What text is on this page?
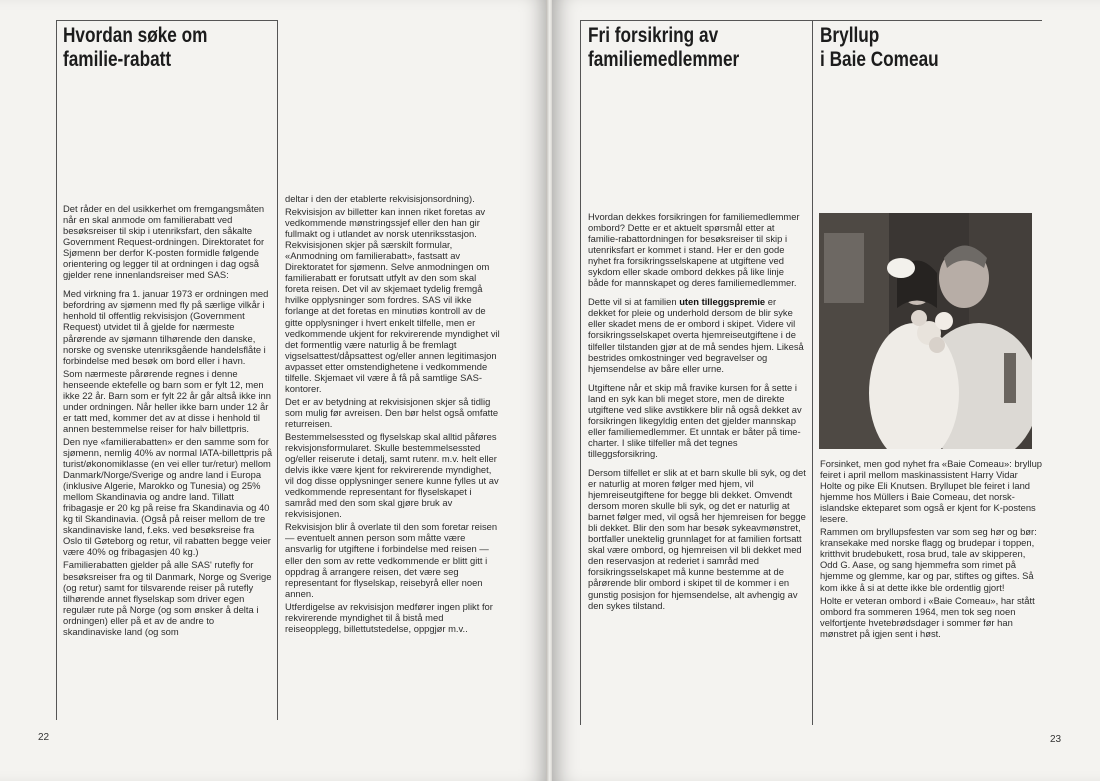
Hvordan søke om
familie-rabatt

Det råder en del usikkerhet om fremgangsmåten når en skal anmode om familierabatt ved besøksreiser til skip i utenriksfart, den såkalte Government Request-ordningen. Direktoratet for Sjømenn ber derfor K-posten formidle følgende orientering og legger til at ordningen i dag også gjelder rene innenlandsreiser med SAS:

Med virkning fra 1. januar 1973 er ordningen med befordring av sjømenn med fly på særlige vilkår i henhold til offentlig rekvisisjon (Government Request) utvidet til å gjelde for nærmeste pårørende av sjømann tilhørende den danske, norske og svenske utenriksgående handelsflåte i forbindelse med besøk om bord eller i havn.

Som nærmeste pårørende regnes i denne henseende ektefelle og barn som er fylt 12, men ikke 22 år. Barn som er fylt 22 år går altså ikke inn under ordningen. Når heller ikke barn under 12 år er tatt med, kommer det av at disse i henhold til annen bestemmelse reiser for halv billettpris.

Den nye «familierabatten» er den samme som for sjømenn, nemlig 40% av normal IATA-billettpris på turist/økonomiklasse (en vei eller tur/retur) mellom Danmark/Norge/Sverige og andre land i Europa (inklusive Algerie, Marokko og Tunesia) og 25% mellom Skandinavia og andre land. Tillatt fribagasje er 20 kg på reise fra Skandinavia og 40 kg til Skandinavia. (Også på reiser mellom de tre skandinaviske land, f.eks. ved besøksreise fra Oslo til Gøteborg og retur, vil rabatten begge veier være 40% og fribagasjen 40 kg.)

Familierabatten gjelder på alle SAS' rutefly for besøksreiser fra og til Danmark, Norge og Sverige (og retur) samt for tilsvarende reiser på rutefly tilhørende annet flyselskap som driver egen regulær rute på Norge (og som ønsker å delta i ordningen) eller på et av de andre to skandinaviske land (og som

deltar i den der etablerte rekvisisjonsordning).

Rekvisisjon av billetter kan innen riket foretas av vedkommende mønstringssjef eller den han gir fullmakt og i utlandet av norsk utenriksstasjon. Rekvisisjonen skjer på særskilt formular, «Anmodning om familierabatt», fastsatt av Direktoratet for sjømenn. Selve anmodningen om familierabatt er forutsatt utfylt av den som skal foreta reisen. Det vil av skjemaet tydelig fremgå hvilke opplysninger som fordres. SAS vil ikke forlange at det foretas en minutiøs kontroll av de gitte opplysninger i hvert enkelt tilfelle, men er vedkommende ukjent for rekvirerende myndighet vil det formentlig være naturlig å be fremlagt vigselsattest/dåpsattest og/eller annen legitimasjon avpasset etter omstendighetene i vedkommende tilfelle. Skjemaet vil være å få på samtlige SAS-kontorer.

Det er av betydning at rekvisisjonen skjer så tidlig som mulig før avreisen. Den bør helst også omfatte returreisen.

Bestemmelsessted og flyselskap skal alltid påføres rekvisjonsformularet. Skulle bestemmelsessted og/eller reiserute i detalj, samt rutenr. m.v. helt eller delvis ikke være kjent for rekvirerende myndighet, vil dog disse opplysninger senere kunne fylles ut av vedkommende representant for flyselskapet i samråd med den som skal gjøre bruk av rekvisisjonen.

Rekvisisjon blir å overlate til den som foretar reisen — eventuelt annen person som måtte være ansvarlig for utgiftene i forbindelse med reisen — eller den som av rette vedkommende er blitt gitt i oppdrag å arrangere reisen, det være seg representant for flyselskap, reisebyrå eller noen annen.

Utferdigelse av rekvisisjon medfører ingen plikt for rekvirerende myndighet til å bistå med reiseopplegg, billettutstedelse, oppgjør m.v..

22
Fri forsikring av
familiemedlemmer
Bryllup
i Baie Comeau

Hvordan dekkes forsikringen for familiemedlemmer ombord? Dette er et aktuelt spørsmål etter at familie-rabattordningen for besøksreiser til skip i utenriksfart er kommet i stand. Her er den gode nyhet fra forsikringsselskapene at utgiftene ved sykdom eller skade ombord dekkes på like linje både for mannskapet og deres familiemedlemmer.

Dette vil si at familien uten tilleggspremie er dekket for pleie og underhold dersom de blir syke eller skadet mens de er ombord i skipet. Videre vil forsikringsselskapet overta hjemreiseutgiftene i de tilfeller tilstanden gjør at de må sendes hjem. Likeså bestrides omkostninger ved begravelser og hjemsendelse av båre eller urne.

Utgiftene når et skip må fravike kursen for å sette i land en syk kan bli meget store, men de direkte utgiftene ved slike avstikkere blir nå også dekket av forsikringen likegyldig enten det gjelder mannskap eller familiemedlemmer. Et unntak er båter på time-charter. I slike tilfeller må det tegnes tilleggsforsikring.

Dersom tilfellet er slik at et barn skulle bli syk, og det er naturlig at moren følger med hjem, vil hjemreiseutgiftene for begge bli dekket. Omvendt dersom moren skulle bli syk, og det er naturlig at barnet følger med, vil også her hjemreisen for begge bli dekket. Blir den som har besøk sykeavmønstret, bortfaller unektelig grunnlaget for at familien fortsatt skal være ombord, og hjemreisen vil bli dekket med den reservasjon at rederiet i samråd med forsikringsselskapet må kunne bestemme at de pårørende blir ombord i skipet til de kommer i en gunstig posisjon for hjemsendelse, alt avhengig av den sykes tilstand.

Forsinket, men god nyhet fra «Baie Comeau»: bryllup feiret i april mellom maskinassistent Harry Vidar Holte og pike Eli Knutsen. Bryllupet ble feiret i land hjemme hos Müllers i Baie Comeau, det norsk-islandske ekteparet som også er kjent for K-postens lesere.

Rammen om bryllupsfesten var som seg hør og bør: kransekake med norske flagg og brudepar i toppen, kritthvit brudebukett, rosa brud, tale av skipperen, Odd G. Aase, og sang hjemmefra som rimet på hjemme og glemme, kar og par, stiftes og giftes. Så kom ikke å si at dette ikke ble ordentlig gjort!

Holte er veteran ombord i «Baie Comeau», har stått ombord fra sommeren 1964, men tok seg noen velfortjente hvetebrødsdager i sommer før han mønstret på igjen sent i høst.

23
